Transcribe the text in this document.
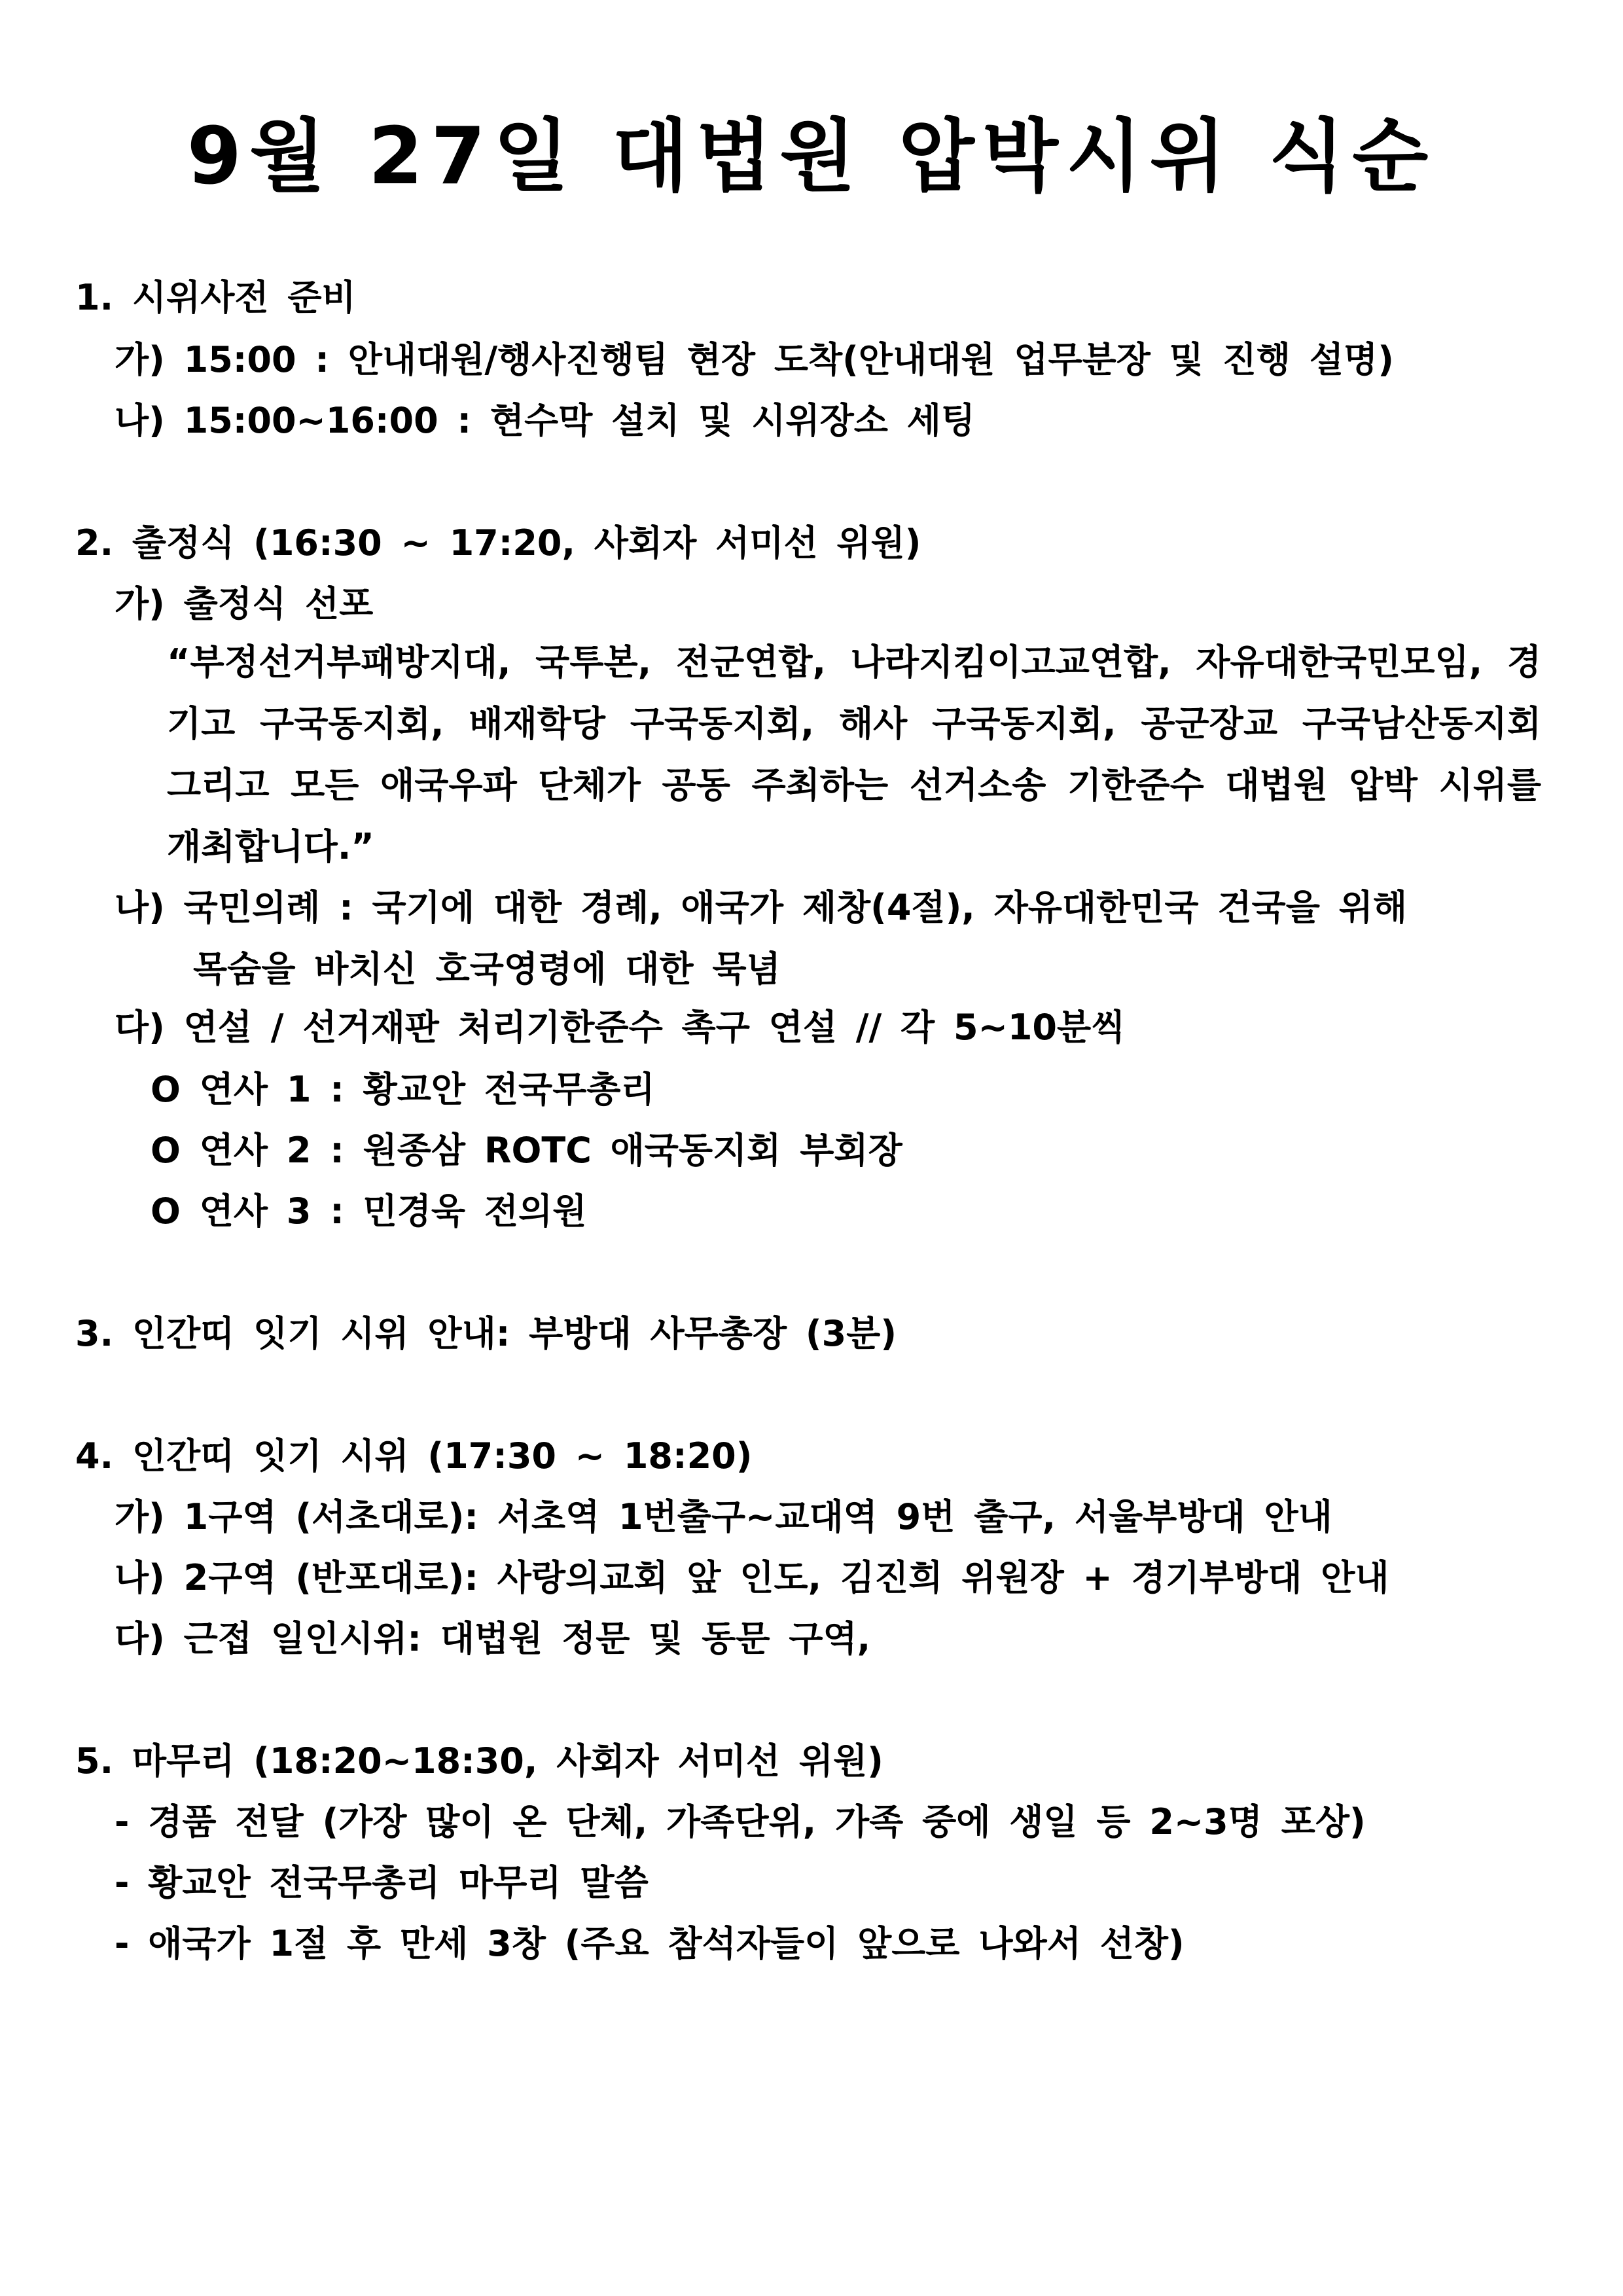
9월 27일 대법원 압박시위 식순
1. 시위사전 준비
가) 15:00 : 안내대원/행사진행팀 현장 도착(안내대원 업무분장 및 진행 설명)
나) 15:00~16:00 : 현수막 설치 및 시위장소 세팅
2. 출정식 (16:30 ~ 17:20, 사회자 서미선 위원)
가) 출정식 선포
“부정선거부패방지대, 국투본, 전군연합, 나라지킴이고교연합, 자유대한국민모임, 경기고 구국동지회, 배재학당 구국동지회, 해사 구국동지회, 공군장교 구국남산동지회 그리고 모든 애국우파 단체가 공동 주최하는 선거소송 기한준수 대법원 압박 시위를 개최합니다.”
나) 국민의례 : 국기에 대한 경례, 애국가 제창(4절), 자유대한민국 건국을 위해
목숨을 바치신 호국영령에 대한 묵념
다) 연설 / 선거재판 처리기한준수 촉구 연설 // 각 5~10분씩
O 연사 1 : 황교안 전국무총리
O 연사 2 : 원종삼 ROTC 애국동지회 부회장
O 연사 3 : 민경욱 전의원
3. 인간띠 잇기 시위 안내: 부방대 사무총장 (3분)
4. 인간띠 잇기 시위 (17:30 ~ 18:20)
가) 1구역 (서초대로): 서초역 1번출구~교대역 9번 출구, 서울부방대 안내
나) 2구역 (반포대로): 사랑의교회 앞 인도, 김진희 위원장 + 경기부방대 안내
다) 근접 일인시위: 대법원 정문 및 동문 구역,
5. 마무리 (18:20~18:30, 사회자 서미선 위원)
- 경품 전달 (가장 많이 온 단체, 가족단위, 가족 중에 생일 등 2~3명 포상)
- 황교안 전국무총리 마무리 말씀
- 애국가 1절 후 만세 3창 (주요 참석자들이 앞으로 나와서 선창)
